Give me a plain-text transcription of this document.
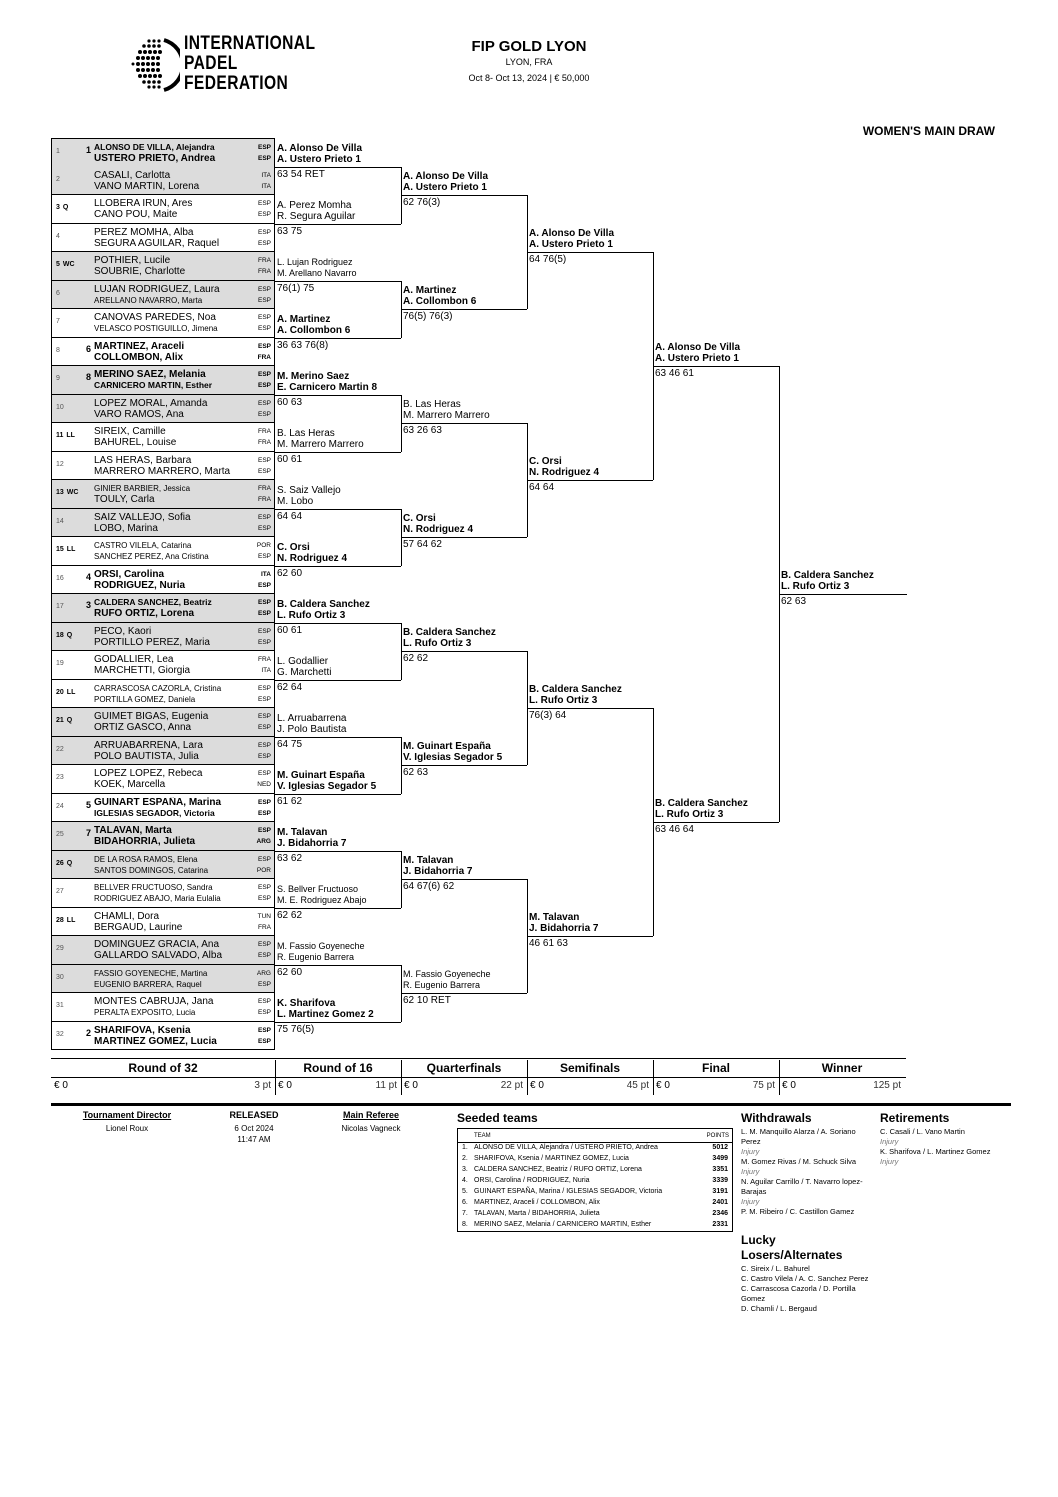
INTERNATIONAL
PADEL
FEDERATION
FIP GOLD LYON
LYON, FRA
Oct 8- Oct 13, 2024 | € 50,000
WOMEN'S MAIN DRAW
1	1 ALONSO DE VILLA, Alejandra	ESP
USTERO PRIETO, Andrea	ESP
2	CASALI, Carlotta	ITA
VANO MARTIN, Lorena	ITA
3 Q	LLOBERA IRUN, Ares	ESP
CANO POU, Maite	ESP
4	PEREZ MOMHA, Alba	ESP
SEGURA AGUILAR, Raquel	ESP
5 WC	POTHIER, Lucile	FRA
SOUBRIE, Charlotte	FRA
6	LUJAN RODRIGUEZ, Laura	ESP
ARELLANO NAVARRO, Marta	ESP
7	CANOVAS PAREDES, Noa	ESP
VELASCO POSTIGUILLO, Jimena	ESP
8	6 MARTINEZ, Araceli	ESP
COLLOMBON, Alix	FRA
9	8 MERINO SAEZ, Melania	ESP
CARNICERO MARTIN, Esther	ESP
10	LOPEZ MORAL, Amanda	ESP
VARO RAMOS, Ana	ESP
11 LL	SIREIX, Camille	FRA
BAHUREL, Louise	FRA
12	LAS HERAS, Barbara	ESP
MARRERO MARRERO, Marta	ESP
13 WC GINIER BARBIER, Jessica	FRA
TOULY, Carla	FRA
14	SAIZ VALLEJO, Sofia	ESP
LOBO, Marina	ESP
15 LL	CASTRO VILELA, Catarina	POR
SANCHEZ PEREZ, Ana Cristina	ESP
16	4 ORSI, Carolina	ITA
RODRIGUEZ, Nuria	ESP
17	3 CALDERA SANCHEZ, Beatriz	ESP
RUFO ORTIZ, Lorena	ESP
18 Q	PECO, Kaori	ESP
PORTILLO PEREZ, Maria	ESP
19	GODALLIER, Lea	FRA
MARCHETTI, Giorgia	ITA
20 LL	CARRASCOSA CAZORLA, Cristina	ESP
PORTILLA GOMEZ, Daniela	ESP
21 Q	GUIMET BIGAS, Eugenia	ESP
ORTIZ GASCO, Anna	ESP
22	ARRUABARRENA, Lara	ESP
POLO BAUTISTA, Julia	ESP
23	LOPEZ LOPEZ, Rebeca	ESP
KOEK, Marcella	NED
24	5 GUINART ESPAÑA, Marina	ESP
IGLESIAS SEGADOR, Victoria	ESP
25	7 TALAVAN, Marta	ESP
BIDAHORRIA, Julieta	ARG
26 Q	DE LA ROSA RAMOS, Elena	ESP
SANTOS DOMINGOS, Catarina	POR
27	BELLVER FRUCTUOSO, Sandra	ESP
RODRIGUEZ ABAJO, Maria Eulalia	ESP
28 LL CHAMLI, Dora	TUN
BERGAUD, Laurine	FRA
29	DOMINGUEZ GRACIA, Ana	ESP
GALLARDO SALVADO, Alba	ESP
30	FASSIO GOYENECHE, Martina	ARG
EUGENIO BARRERA, Raquel	ESP
31	MONTES CABRUJA, Jana	ESP
PERALTA EXPOSITO, Lucia	ESP
32	2 SHARIFOVA, Ksenia	ESP
MARTINEZ GOMEZ, Lucia	ESP
A. Alonso De Villa
A. Ustero Prieto 1
63 54 RET
A. Perez Momha
R. Segura Aguilar
63 75
L. Lujan Rodriguez
M. Arellano Navarro
76(1) 75
A. Martinez
A. Collombon 6
36 63 76(8)
M. Merino Saez
E. Carnicero Martin 8
60 63
B. Las Heras
M. Marrero Marrero
60 61
S. Saiz Vallejo
M. Lobo
64 64
C. Orsi
N. Rodriguez 4
62 60
B. Caldera Sanchez
L. Rufo Ortiz 3
60 61
L. Godallier
G. Marchetti
62 64
L. Arruabarrena
J. Polo Bautista
64 75
M. Guinart España
V. Iglesias Segador 5
61 62
M. Talavan
J. Bidahorria 7
63 62
S. Bellver Fructuoso
M. E. Rodriguez Abajo
62 62
M. Fassio Goyeneche
R. Eugenio Barrera
62 60
K. Sharifova
L. Martinez Gomez 2
75 76(5)
A. Alonso De Villa
A. Ustero Prieto 1
62 76(3)
A. Martinez
A. Collombon 6
76(5) 76(3)
B. Las Heras
M. Marrero Marrero
63 26 63
C. Orsi
N. Rodriguez 4
57 64 62
B. Caldera Sanchez
L. Rufo Ortiz 3
62 62
M. Guinart España
V. Iglesias Segador 5
62 63
M. Talavan
J. Bidahorria 7
64 67(6) 62
M. Fassio Goyeneche
R. Eugenio Barrera
62 10 RET
A. Alonso De Villa
A. Ustero Prieto 1
64 76(5)
C. Orsi
N. Rodriguez 4
64 64
B. Caldera Sanchez
L. Rufo Ortiz 3
76(3) 64
M. Talavan
J. Bidahorria 7
46 61 63
A. Alonso De Villa
A. Ustero Prieto 1
63 46 61
B. Caldera Sanchez
L. Rufo Ortiz 3
63 46 64
B. Caldera Sanchez
L. Rufo Ortiz 3
62 63
Round of 32
€ 0	3 pt
Round of 16
€ 0	11 pt
Quarterfinals
€ 0	22 pt
Semifinals
€ 0	45 pt
Final
€ 0	75 pt
Winner
€ 0	125 pt
Tournament Director
Lionel Roux
RELEASED
6 Oct 2024
11:47 AM
Main Referee
Nicolas Vagneck
Seeded teams
TEAM	POINTS
1. ALONSO DE VILLA, Alejandra / USTERO PRIETO, Andrea	5012
2. SHARIFOVA, Ksenia / MARTINEZ GOMEZ, Lucia	3499
3. CALDERA SANCHEZ, Beatriz / RUFO ORTIZ, Lorena	3351
4. ORSI, Carolina / RODRIGUEZ, Nuria	3339
5. GUINART ESPAÑA, Marina / IGLESIAS SEGADOR, Victoria	3191
6. MARTINEZ, Araceli / COLLOMBON, Alix	2401
7. TALAVAN, Marta / BIDAHORRIA, Julieta	2346
8. MERINO SAEZ, Melania / CARNICERO MARTIN, Esther	2331
Withdrawals
L. M. Manquillo Alarza / A. Soriano Perez
Injury
M. Gomez Rivas / M. Schuck Silva
Injury
N. Aguilar Carrillo / T. Navarro lopez-Barajas
Injury
P. M. Ribeiro / C. Castillon Gamez
Retirements
C. Casali / L. Vano Martin
Injury
K. Sharifova / L. Martinez Gomez
Injury
Lucky
Losers/Alternates
C. Sireix / L. Bahurel
C. Castro Vilela / A. C. Sanchez Perez
C. Carrascosa Cazorla / D. Portilla Gomez
D. Chamli / L. Bergaud
